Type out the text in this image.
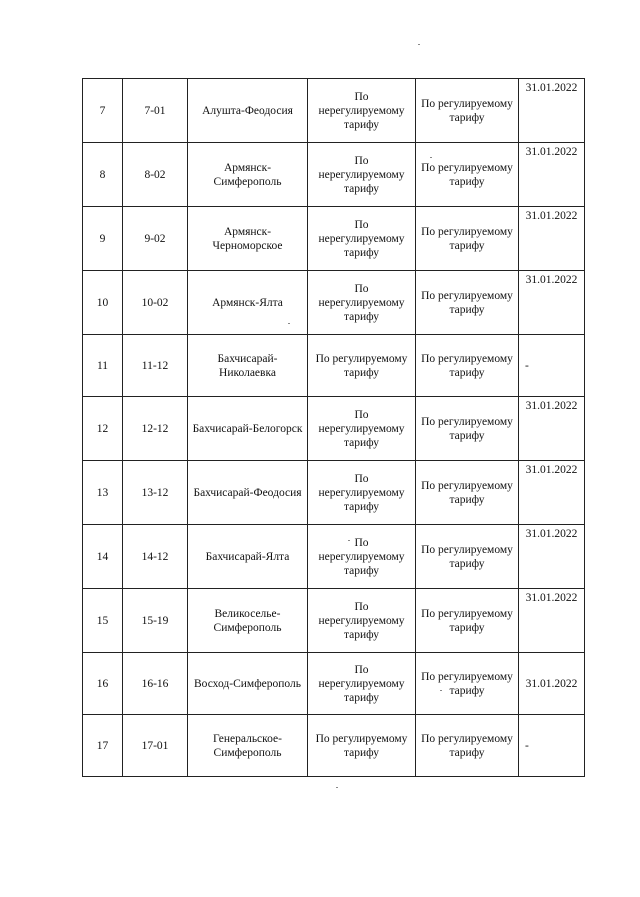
7	7-01	Алушта-Феодосия	По нерегулируемому тарифу	По регулируемому тарифу	31.01.2022
8	8-02	Армянск-Симферополь	По нерегулируемому тарифу	По регулируемому тарифу	31.01.2022
9	9-02	Армянск-Черноморское	По нерегулируемому тарифу	По регулируемому тарифу	31.01.2022
10	10-02	Армянск-Ялта	По нерегулируемому тарифу	По регулируемому тарифу	31.01.2022
11	11-12	Бахчисарай-Николаевка	По регулируемому тарифу	По регулируемому тарифу	-
12	12-12	Бахчисарай-Белогорск	По нерегулируемому тарифу	По регулируемому тарифу	31.01.2022
13	13-12	Бахчисарай-Феодосия	По нерегулируемому тарифу	По регулируемому тарифу	31.01.2022
14	14-12	Бахчисарай-Ялта	По нерегулируемому тарифу	По регулируемому тарифу	31.01.2022
15	15-19	Великоселье-Симферополь	По нерегулируемому тарифу	По регулируемому тарифу	31.01.2022
16	16-16	Восход-Симферополь	По нерегулируемому тарифу	По регулируемому тарифу	31.01.2022
17	17-01	Генеральское-Симферополь	По регулируемому тарифу	По регулируемому тарифу	-
